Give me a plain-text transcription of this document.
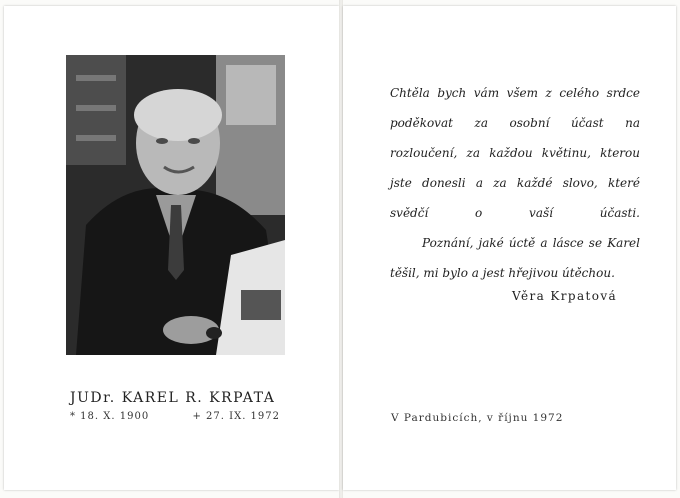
JUDr. KAREL R. KRPATA
* 18. X. 1900	+ 27. IX. 1972

Chtěla bych vám všem z celého srdce poděkovat za osobní účast na rozloučení, za každou květinu, kterou jste donesli a za každé slovo, které svědčí o vaší účasti.

Poznání, jaké úctě a lásce se Karel těšil, mi bylo a jest hřejivou útěchou.

Věra Krpatová
V Pardubicích, v říjnu 1972
